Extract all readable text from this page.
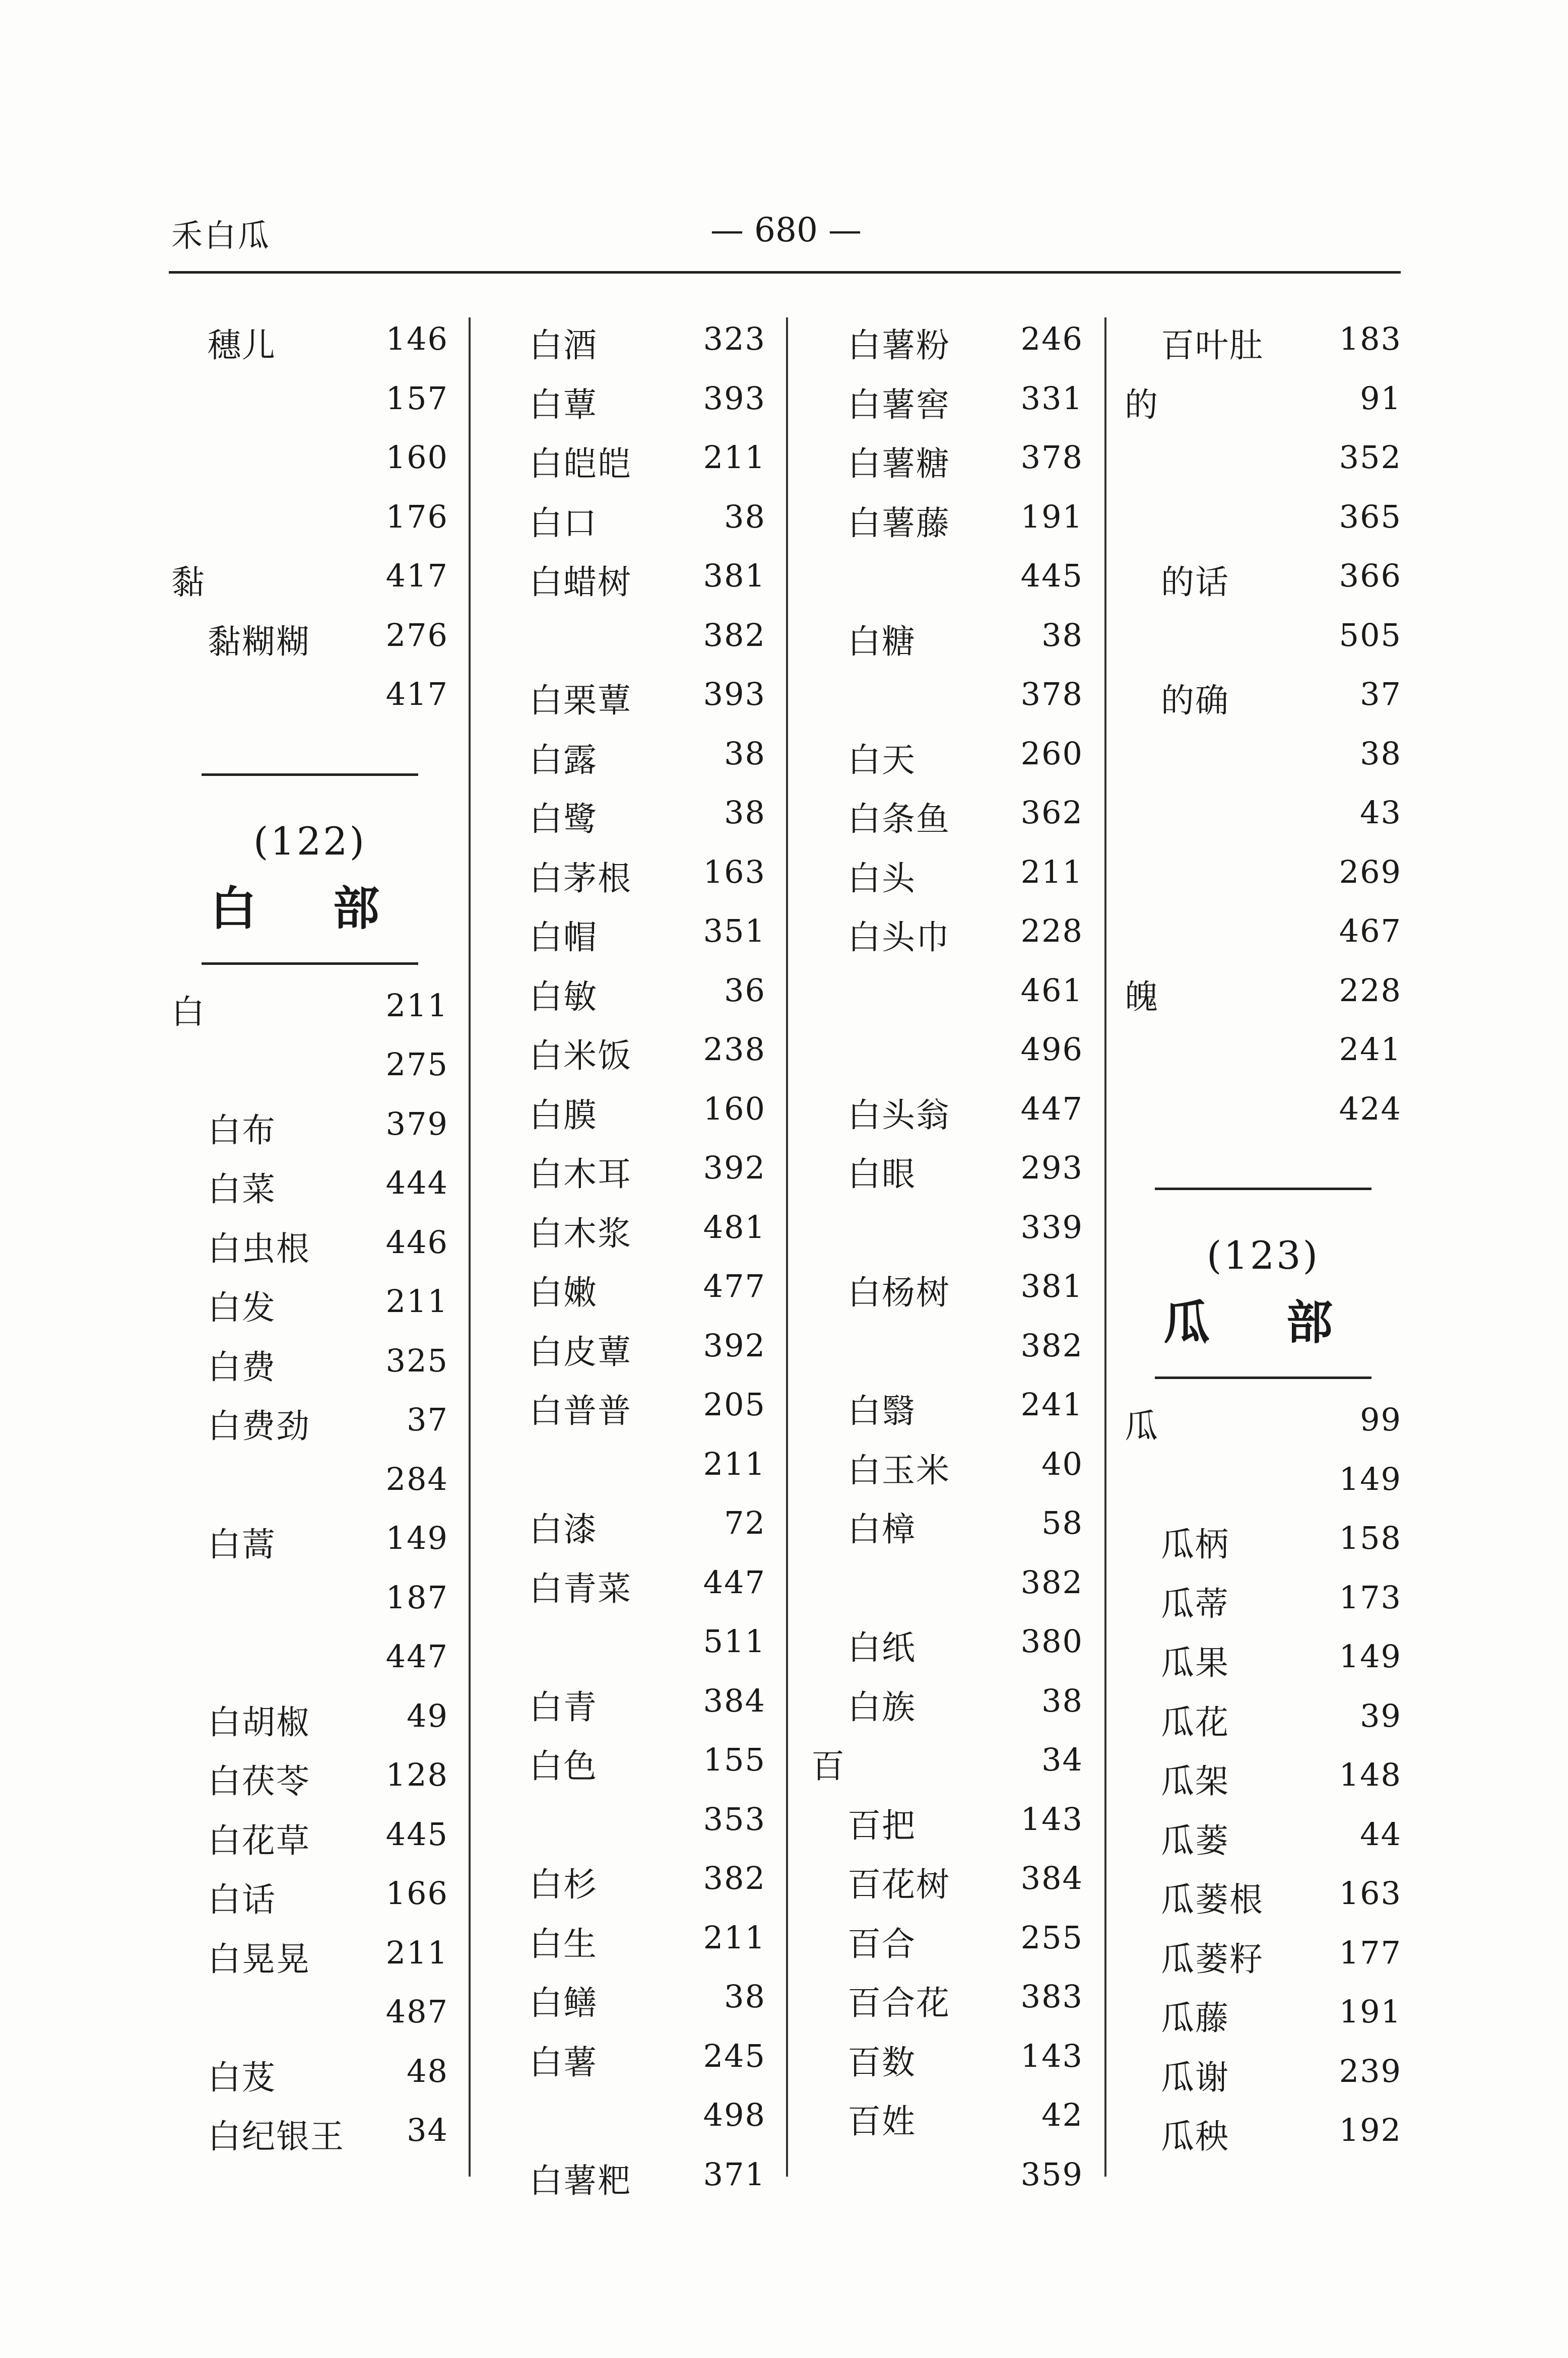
禾白瓜	— 680 —
穗儿	146
157
160
176
黏	417
黏糊糊 276
417
(122)
白 部
白	211
275
白布	379
白菜	444
白虫根 446
白发	211
白费	325
白费劲	37
284
白蒿	149
187
447
白胡椒	49
白茯苓 128
白花草 445
白话	166
白晃晃 211
487
白芨	48
白纪银王 34
白酒	323
白蕈	393
白皑皑 211
白口	38
白蜡树 381
382
白栗蕈 393
白露	38
白鹭	38
白茅根 163
白帽	351
白敏	36
白米饭 238
白膜	160
白木耳 392
白木浆 481
白嫩	477
白皮蕈 392
白普普 205
211
白漆	72
白青菜 447
511
白青	384
白色	155
353
白杉	382
白生	211
白鳝	38
白薯	245
498
白薯粑 371
白薯粉 246
白薯窖 331
白薯糖 378
白薯藤 191
445
白糖	38
378
白天	260
白条鱼 362
白头	211
白头巾 228
461
496
白头翁 447
白眼	293
339
白杨树 381
382
白翳	241
白玉米	40
白樟	58
382
白纸	380
白族	38
百	34
百把	143
百花树 384
百合	255
百合花 383
百数	143
百姓	42
359
百叶肚 183
的	91
352
365
的话	366
505
的确	37
38
43
269
467
魄	228
241
424
(123)
瓜 部
瓜	99
149
瓜柄	158
瓜蒂	173
瓜果	149
瓜花	39
瓜架	148
瓜蒌	44
瓜蒌根 163
瓜蒌籽 177
瓜藤	191
瓜谢	239
瓜秧	192
